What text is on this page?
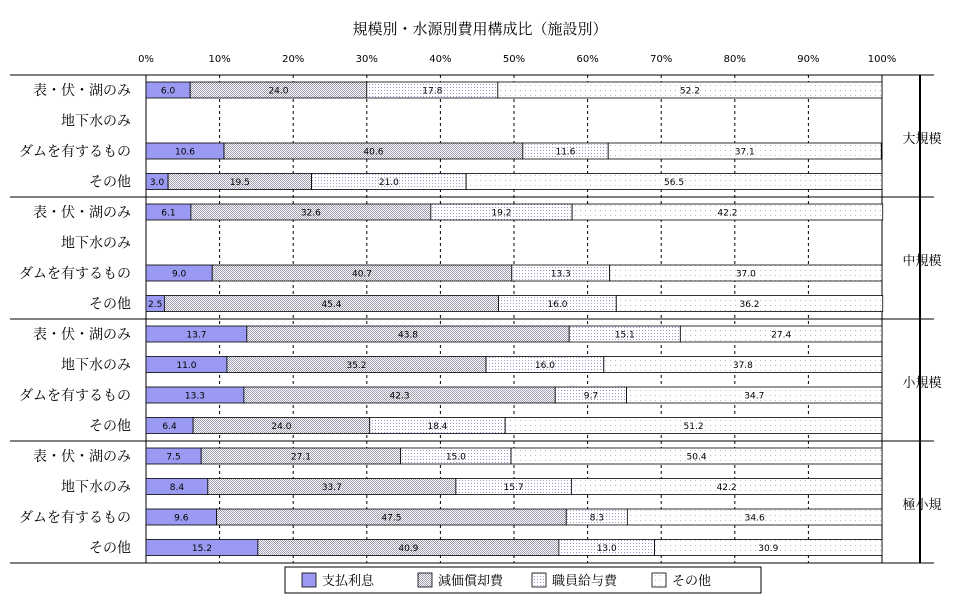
規模別・水源別費用構成比（施設別）
0%	10%	20%	30%	40%	50%	60%	70%	80%	90%	100%
6.0	24.0	17.8	52.2
10.6	40.6	11.6	37.1
3.0	19.5	21.0	56.5
6.1	32.6	19.2	42.2
9.0	40.7	13.3	37.0
2.5	45.4	16.0	36.2
13.7	43.8	15.1	27.4
11.0	35.2	16.0	37.8
13.3	42.3	9.7	34.7
6.4	24.0	18.4	51.2
7.5	27.1	15.0	50.4
8.4	33.7	15.7	42.2
9.6	47.5	8.3	34.6
15.2	40.9	13.0	30.9
表・伏・湖のみ
地下水のみ
ダムを有するもの
その他
表・伏・湖のみ
地下水のみ
ダムを有するもの
その他
表・伏・湖のみ
地下水のみ
ダムを有するもの
その他
表・伏・湖のみ
地下水のみ
ダムを有するもの
その他
大規模
中規模
小規模
極小規
支払利息	減価償却費	職員給与費	その他
